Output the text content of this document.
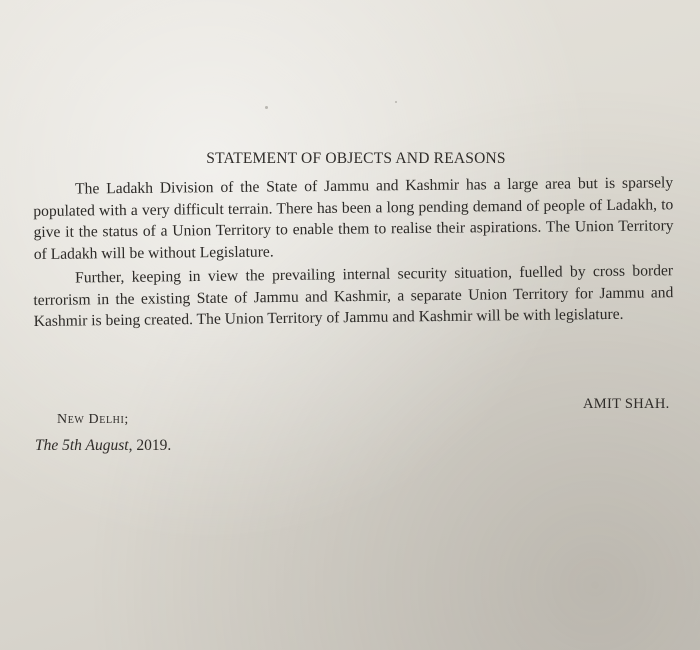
STATEMENT OF OBJECTS AND REASONS

The Ladakh Division of the State of Jammu and Kashmir has a large area but is sparsely populated with a very difficult terrain. There has been a long pending demand of people of Ladakh, to give it the status of a Union Territory to enable them to realise their aspirations. The Union Territory of Ladakh will be without Legislature.

Further, keeping in view the prevailing internal security situation, fuelled by cross border terrorism in the existing State of Jammu and Kashmir, a separate Union Territory for Jammu and Kashmir is being created. The Union Territory of Jammu and Kashmir will be with legislature.

AMIT SHAH.
New Delhi;
The 5th August, 2019.
